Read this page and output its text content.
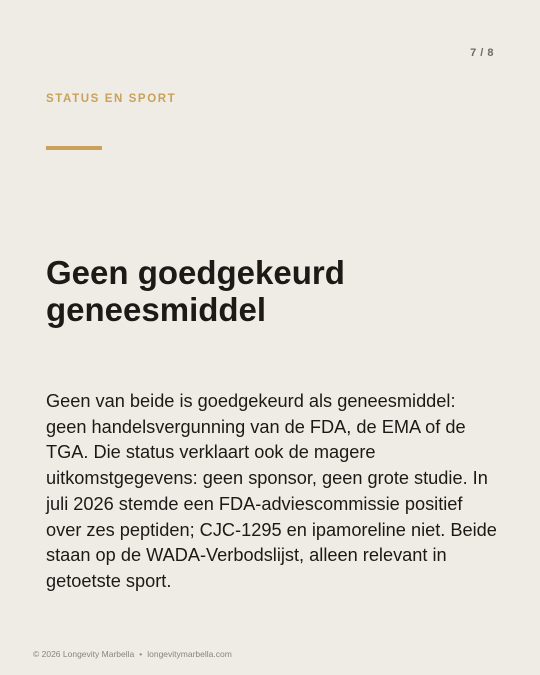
7 / 8
STATUS EN SPORT
Geen goedgekeurd geneesmiddel

Geen van beide is goedgekeurd als geneesmiddel: geen handelsvergunning van de FDA, de EMA of de TGA. Die status verklaart ook de magere uitkomstgegevens: geen sponsor, geen grote studie. In juli 2026 stemde een FDA-adviescommissie positief over zes peptiden; CJC-1295 en ipamoreline niet. Beide staan op de WADA-Verbodslijst, alleen relevant in getoetste sport.

© 2026 Longevity Marbella • longevitymarbella.com
